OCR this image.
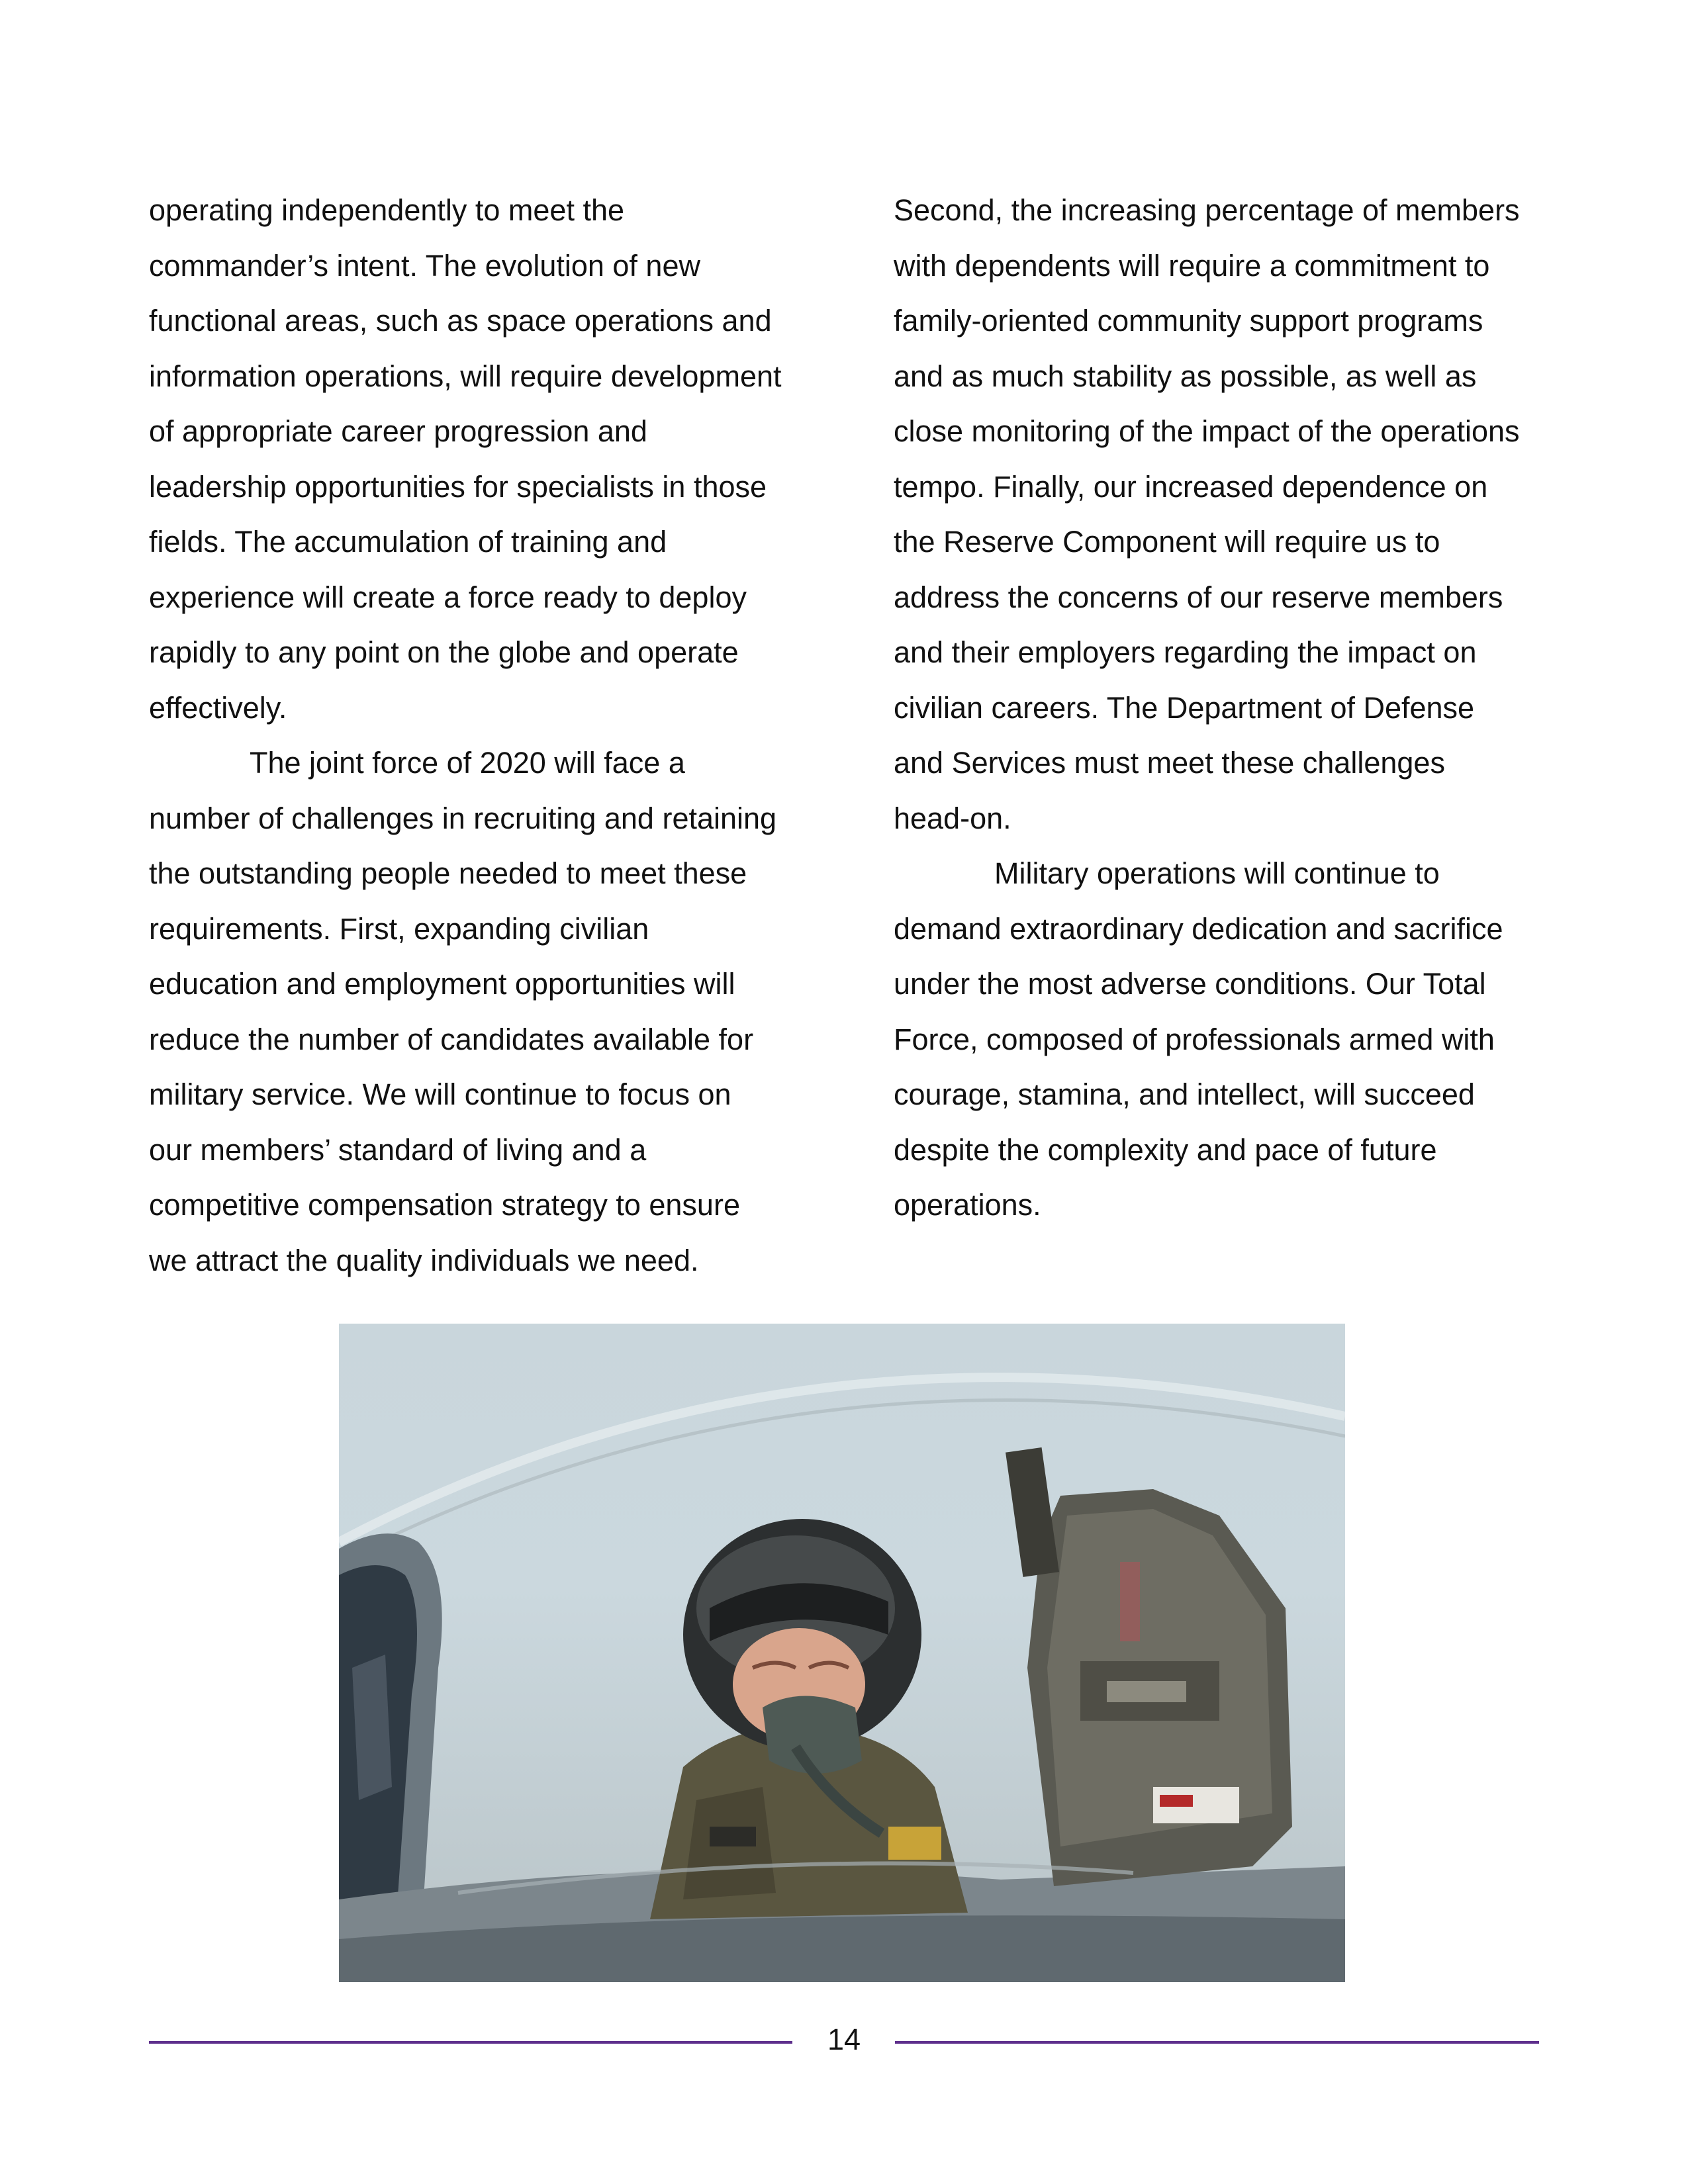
operating independently to meet the
commander’s intent. The evolution of new
functional areas, such as space operations and
information operations, will require development
of appropriate career progression and
leadership opportunities for specialists in those
fields. The accumulation of training and
experience will create a force ready to deploy
rapidly to any point on the globe and operate
effectively.
The joint force of 2020 will face a
number of challenges in recruiting and retaining
the outstanding people needed to meet these
requirements. First, expanding civilian
education and employment opportunities will
reduce the number of candidates available for
military service. We will continue to focus on
our members’ standard of living and a
competitive compensation strategy to ensure
we attract the quality individuals we need.
Second, the increasing percentage of members
with dependents will require a commitment to
family-oriented community support programs
and as much stability as possible, as well as
close monitoring of the impact of the operations
tempo. Finally, our increased dependence on
the Reserve Component will require us to
address the concerns of our reserve members
and their employers regarding the impact on
civilian careers. The Department of Defense
and Services must meet these challenges
head-on.
Military operations will continue to
demand extraordinary dedication and sacrifice
under the most adverse conditions. Our Total
Force, composed of professionals armed with
courage, stamina, and intellect, will succeed
despite the complexity and pace of future
operations.
14
